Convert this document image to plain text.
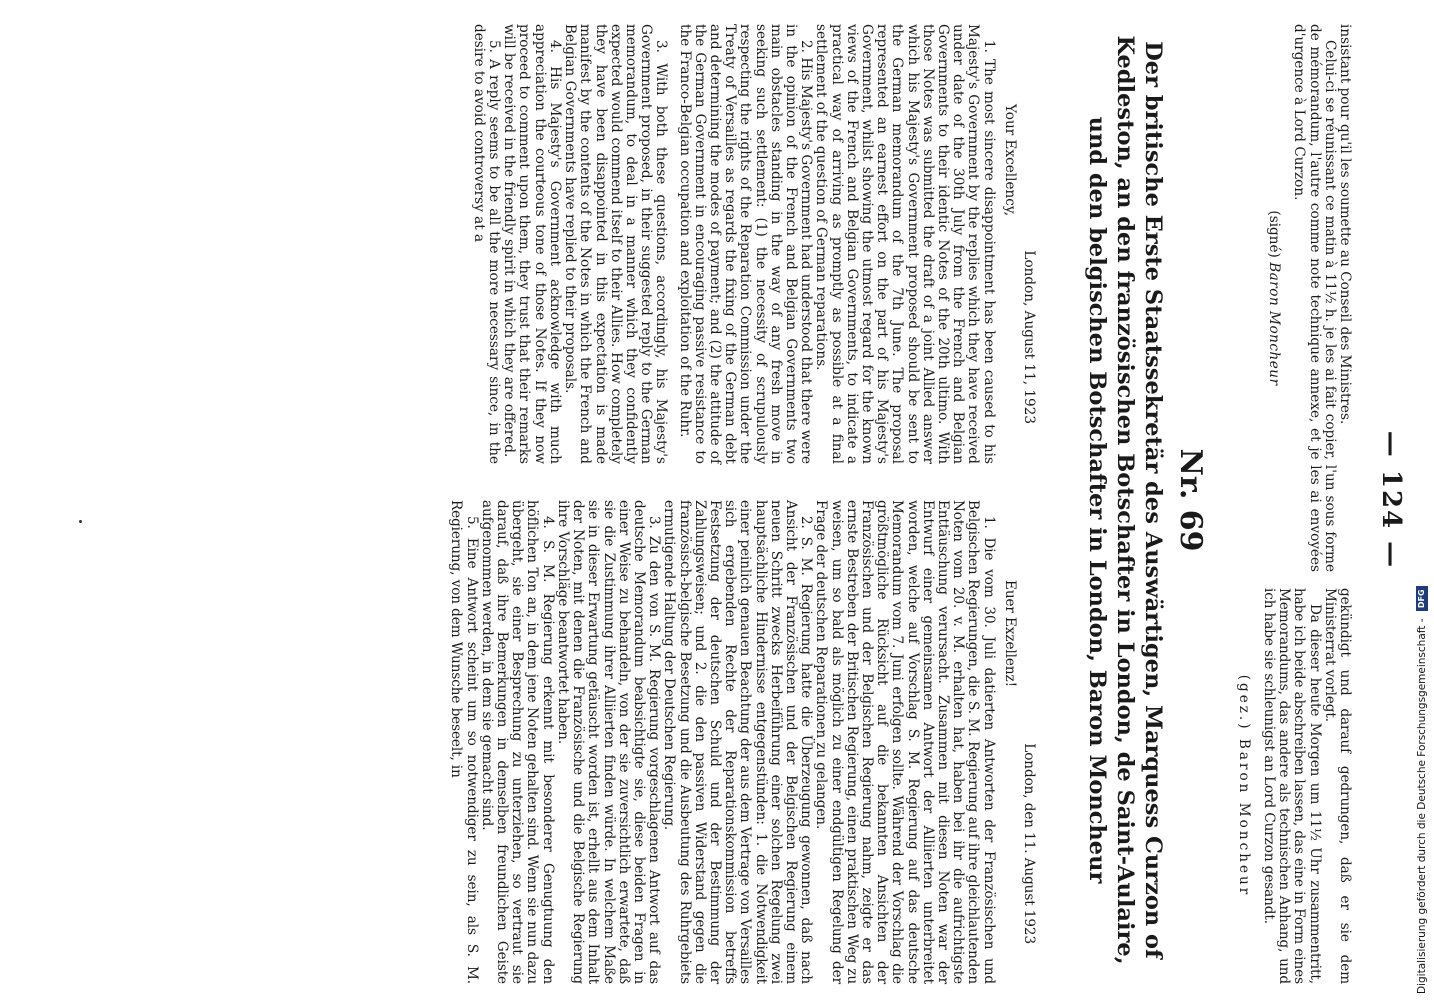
— 124 —

insistant pour qu'il les soumette au Conseil des Ministres.

Celui-ci se réunissant ce matin à 11½ h. je les ai fait copier, l'un sous forme de mémorandum, l'autre comme note technique annexe, et je les ai envoyées d'urgence à Lord Curzon.

(signé) Baron Moncheur

gekündigt und darauf gedrungen, daß er sie dem Ministerrat vorlegt.

Da dieser heute Morgen um 11½ Uhr zusammentritt, habe ich beide abschreiben lassen, das eine in Form eines Memorandums, das andere als technischen Anhang, und ich habe sie schleunigst an Lord Curzon gesandt.

(gez.) Baron Moncheur

Nr. 69
Der britische Erste Staatssekretär des Auswärtigen, Marquess Curzon of Kedleston, an den französischen Botschafter in London, de Saint-Aulaire, und den belgischen Botschafter in London, Baron Moncheur

London, August 11, 1923

Your Excellency,

1. The most sincere disappointment has been caused to his Majesty's Government by the replies which they have received under date of the 30th July from the French and Belgian Governments to their identic Notes of the 20th ultimo. With those Notes was submitted the draft of a joint Allied answer which his Majesty's Government proposed should be sent to the German memorandum of the 7th June. The proposal represented an earnest effort on the part of his Majesty's Government, whilst showing the utmost regard for the known views of the French and Belgian Governments, to indicate a practical way of arriving as promptly as possible at a final settlement of the question of German reparations.

2. His Majesty's Government had understood that there were in the opinion of the French and Belgian Governments two main obstacles standing in the way of any fresh move in seeking such settlement: (1) the necessity of scrupulously respecting the rights of the Reparation Commission under the Treaty of Versailles as regards the fixing of the German debt and determining the modes of payment; and (2) the attitude of the German Government in encouraging passive resistance to the Franco-Belgian occupation and exploitation of the Ruhr.

3. With both these questions, accordingly, his Majesty's Government proposed, in their suggested reply to the German memorandum, to deal in a manner which they confidently expected would commend itself to their Allies. How completely they have been disappointed in this expectation is made manifest by the contents of the Notes in which the French and Belgian Governments have replied to their proposals.

4. His Majesty's Government acknowledge with much appreciation the courteous tone of those Notes. If they now proceed to comment upon them, they trust that their remarks will be received in the friendly spirit in which they are offered.

5. A reply seems to be all the more necessary since, in the desire to avoid controversy at a

London, den 11. August 1923

Euer Exzellenz!

1. Die vom 30. Juli datierten Antworten der Französischen und Belgischen Regierungen, die S. M. Regierung auf ihre gleichlautenden Noten vom 20. v. M. erhalten hat, haben bei ihr die aufrichtigste Enttäuschung verursacht. Zusammen mit diesen Noten war der Entwurf einer gemeinsamen Antwort der Alliierten unterbreitet worden, welche auf Vorschlag S. M. Regierung auf das deutsche Memorandum vom 7. Juni erfolgen sollte. Während der Vorschlag die größtmögliche Rücksicht auf die bekannten Ansichten der Französischen und der Belgischen Regierung nahm, zeigte er das ernste Bestreben der Britischen Regierung, einen praktischen Weg zu weisen, um so bald als möglich zu einer endgültigen Regelung der Frage der deutschen Reparationen zu gelangen.

2. S. M. Regierung hatte die Überzeugung gewonnen, daß nach Ansicht der Französischen und der Belgischen Regierung einem neuen Schritt zwecks Herbeiführung einer solchen Regelung zwei hauptsächliche Hindernisse entgegenstünden: 1. die Notwendigkeit einer peinlich genauen Beachtung der aus dem Vertrage von Versailles sich ergebenden Rechte der Reparationskommission betreffs Festsetzung der deutschen Schuld und der Bestimmung der Zahlungsweisen; und 2. die den passiven Widerstand gegen die französisch-belgische Besetzung und die Ausbeutung des Ruhrgebiets ermutigende Haltung der Deutschen Regierung.

3. Zu den von S. M. Regierung vorgeschlagenen Antwort auf das deutsche Memorandum beabsichtigte sie, diese beiden Fragen in einer Weise zu behandeln, von der sie zuversichtlich erwartete, daß sie die Zustimmung ihrer Alliierten finden würde. In welchem Maße sie in dieser Erwartung getäuscht worden ist, erhellt aus dem Inhalt der Noten, mit denen die Französische und die Belgische Regierung ihre Vorschläge beantwortet haben.

4. S. M. Regierung erkennt mit besonderer Genugtuung den höflichen Ton an, in dem jene Noten gehalten sind. Wenn sie nun dazu übergeht, sie einer Besprechung zu unterziehen, so vertraut sie darauf, daß ihre Bemerkungen in demselben freundlichen Geiste aufgenommen werden, in dem sie gemacht sind.

5. Eine Antwort scheint um so notwendiger zu sein, als S. M. Regierung, von dem Wunsche beseelt, in	Digitalisierung gefördert durch die Deutsche Forschungsgemeinschaft - DFG
